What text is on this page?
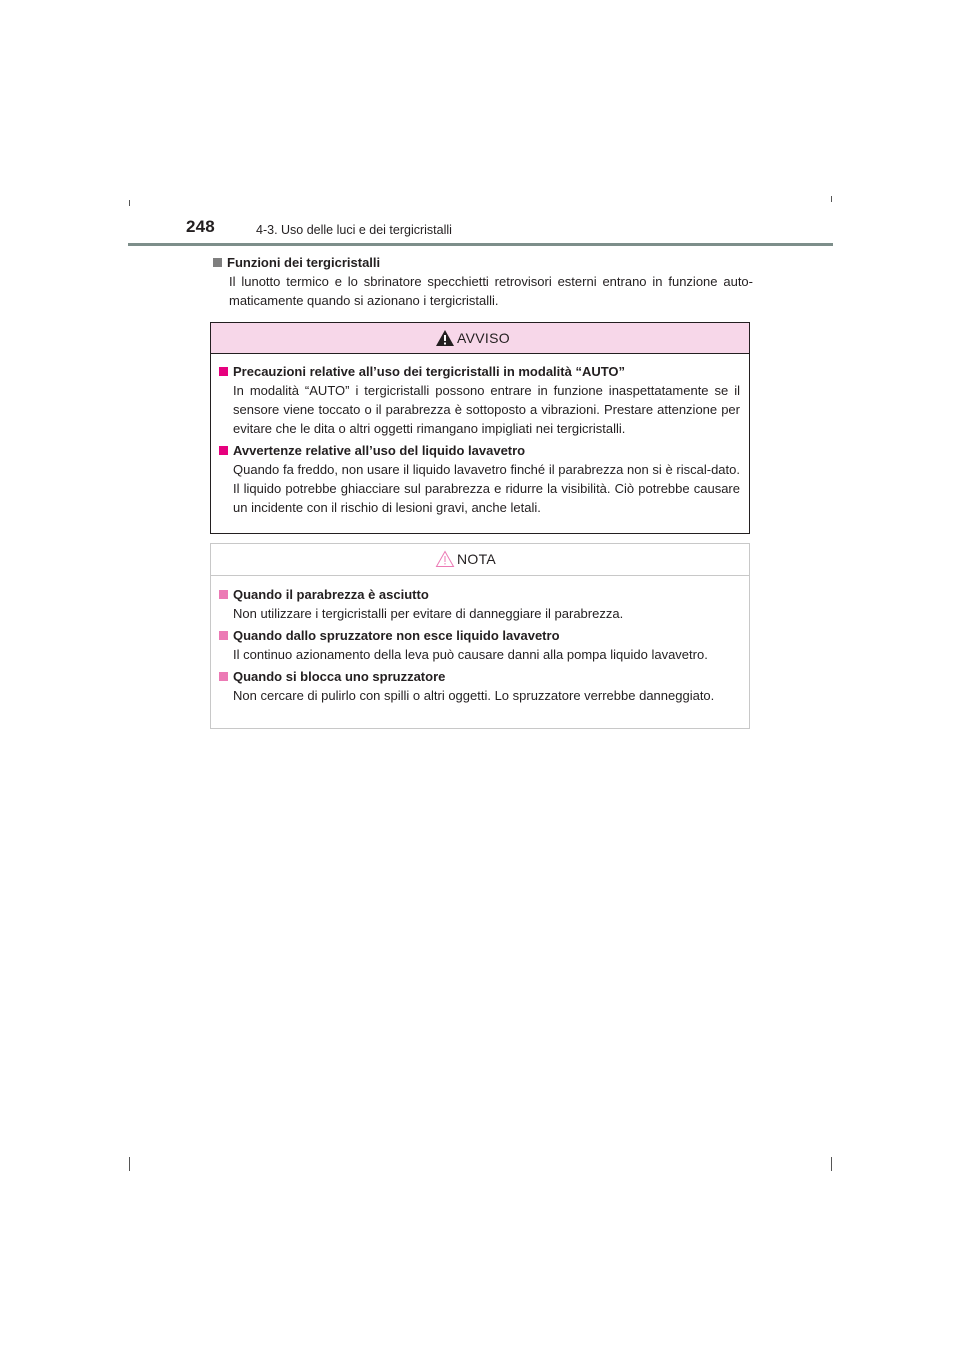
248	4-3. Uso delle luci e dei tergicristalli
Funzioni dei tergicristalli
Il lunotto termico e lo sbrinatore specchietti retrovisori esterni entrano in funzione auto-maticamente quando si azionano i tergicristalli.
AVVISO
Precauzioni relative all’uso dei tergicristalli in modalità “AUTO”
In modalità “AUTO” i tergicristalli possono entrare in funzione inaspettatamente se il sensore viene toccato o il parabrezza è sottoposto a vibrazioni. Prestare attenzione per evitare che le dita o altri oggetti rimangano impigliati nei tergicristalli.
Avvertenze relative all’uso del liquido lavavetro
Quando fa freddo, non usare il liquido lavavetro finché il parabrezza non si è riscal-dato. Il liquido potrebbe ghiacciare sul parabrezza e ridurre la visibilità. Ciò potrebbe causare un incidente con il rischio di lesioni gravi, anche letali.
NOTA
Quando il parabrezza è asciutto
Non utilizzare i tergicristalli per evitare di danneggiare il parabrezza.
Quando dallo spruzzatore non esce liquido lavavetro
Il continuo azionamento della leva può causare danni alla pompa liquido lavavetro.
Quando si blocca uno spruzzatore
Non cercare di pulirlo con spilli o altri oggetti. Lo spruzzatore verrebbe danneggiato.
